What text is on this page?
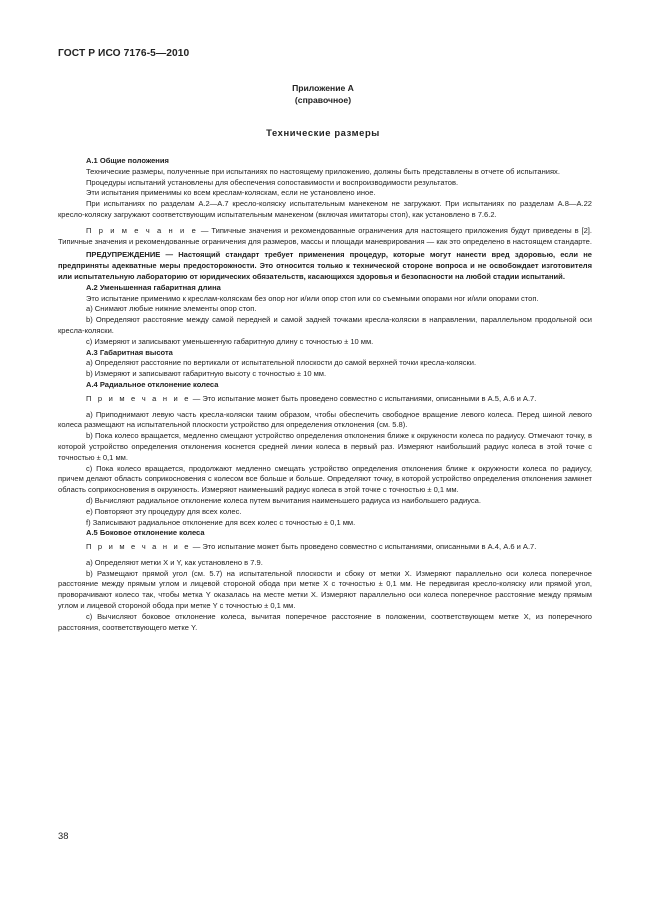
ГОСТ Р ИСО 7176-5—2010
Приложение А
(справочное)
Технические размеры

А.1 Общие положения

Технические размеры, полученные при испытаниях по настоящему приложению, должны быть представлены в отчете об испытаниях.

Процедуры испытаний установлены для обеспечения сопоставимости и воспроизводимости результатов.

Эти испытания применимы ко всем креслам-коляскам, если не установлено иное.

При испытаниях по разделам А.2—А.7 кресло-коляску испытательным манекеном не загружают. При испытаниях по разделам А.8—А.22 кресло-коляску загружают соответствующим испытательным манекеном (включая имитаторы стоп), как установлено в 7.6.2.

П р и м е ч а н и е — Типичные значения и рекомендованные ограничения для настоящего приложения будут приведены в [2]. Типичные значения и рекомендованные ограничения для размеров, массы и площади маневрирования — как это определено в настоящем стандарте.

ПРЕДУПРЕЖДЕНИЕ — Настоящий стандарт требует применения процедур, которые могут нанести вред здоровью, если не предприняты адекватные меры предосторожности. Это относится только к технической стороне вопроса и не освобождает изготовителя или испытательную лабораторию от юридических обязательств, касающихся здоровья и безопасности на любой стадии испытаний.

А.2 Уменьшенная габаритная длина

Это испытание применимо к креслам-коляскам без опор ног и/или опор стоп или со съемными опорами ног и/или опорами стоп.

a) Снимают любые нижние элементы опор стоп.

b) Определяют расстояние между самой передней и самой задней точками кресла-коляски в направлении, параллельном продольной оси кресла-коляски.

с) Измеряют и записывают уменьшенную габаритную длину с точностью ± 10 мм.

А.3 Габаритная высота

a) Определяют расстояние по вертикали от испытательной плоскости до самой верхней точки кресла-коляски.

b) Измеряют и записывают габаритную высоту с точностью ± 10 мм.

А.4 Радиальное отклонение колеса

П р и м е ч а н и е — Это испытание может быть проведено совместно с испытаниями, описанными в А.5, А.6 и А.7.

a) Приподнимают левую часть кресла-коляски таким образом, чтобы обеспечить свободное вращение левого колеса. Перед шиной левого колеса размещают на испытательной плоскости устройство для определения отклонения (см. 5.8).

b) Пока колесо вращается, медленно смещают устройство определения отклонения ближе к окружности колеса по радиусу. Отмечают точку, в которой устройство определения отклонения коснется средней линии колеса в первый раз. Измеряют наибольший радиус колеса в этой точке с точностью ± 0,1 мм.

с) Пока колесо вращается, продолжают медленно смещать устройство определения отклонения ближе к окружности колеса по радиусу, причем делают область соприкосновения с колесом все больше и больше. Определяют точку, в которой устройство определения отклонения замкнет область соприкосновения в окружность. Измеряют наименьший радиус колеса в этой точке с точностью ± 0,1 мм.

d) Вычисляют радиальное отклонение колеса путем вычитания наименьшего радиуса из наибольшего радиуса.

e) Повторяют эту процедуру для всех колес.

f) Записывают радиальное отклонение для всех колес с точностью ± 0,1 мм.

А.5 Боковое отклонение колеса

П р и м е ч а н и е — Это испытание может быть проведено совместно с испытаниями, описанными в А.4, А.6 и А.7.

a) Определяют метки X и Y, как установлено в 7.9.

b) Размещают прямой угол (см. 5.7) на испытательной плоскости и сбоку от метки X. Измеряют параллельно оси колеса поперечное расстояние между прямым углом и лицевой стороной обода при метке X с точностью ± 0,1 мм. Не передвигая кресло-коляску или прямой угол, проворачивают колесо так, чтобы метка Y оказалась на месте метки X. Измеряют параллельно оси колеса поперечное расстояние между прямым углом и лицевой стороной обода при метке Y с точностью ± 0,1 мм.

с) Вычисляют боковое отклонение колеса, вычитая поперечное расстояние в положении, соответствующем метке X, из поперечного расстояния, соответствующего метке Y.

38
